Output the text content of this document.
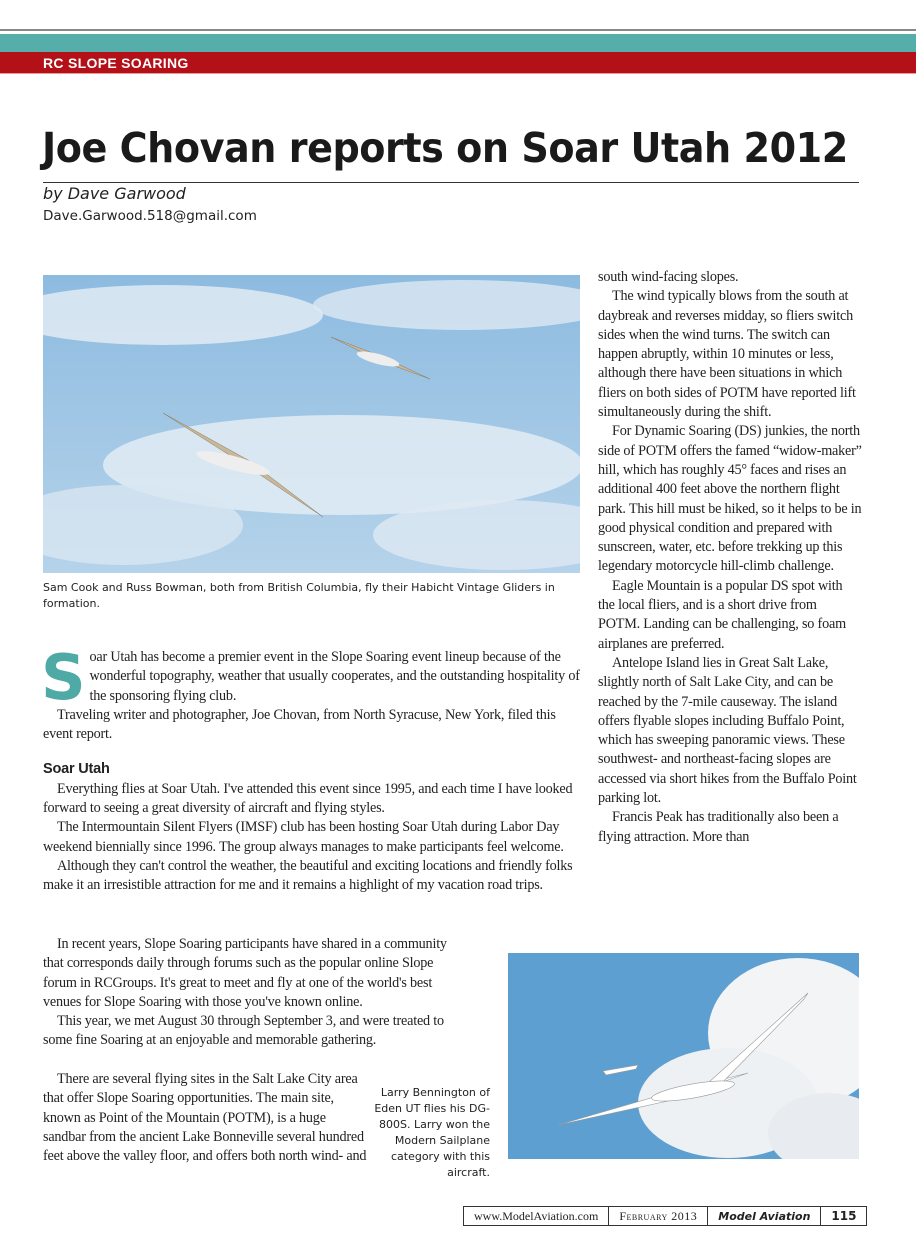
RC SLOPE SOARING
Joe Chovan reports on Soar Utah 2012
by Dave Garwood
Dave.Garwood.518@gmail.com
Sam Cook and Russ Bowman, both from British Columbia, fly their Habicht Vintage Gliders in formation.

Soar Utah has become a premier event in the Slope Soaring event lineup because of the wonderful topography, weather that usually cooperates, and the outstanding hospitality of the sponsoring flying club.

Traveling writer and photographer, Joe Chovan, from North Syracuse, New York, filed this event report.

Soar Utah

Everything flies at Soar Utah. I've attended this event since 1995, and each time I have looked forward to seeing a great diversity of aircraft and flying styles.

The Intermountain Silent Flyers (IMSF) club has been hosting Soar Utah during Labor Day weekend biennially since 1996. The group always manages to make participants feel welcome.

Although they can't control the weather, the beautiful and exciting locations and friendly folks make it an irresistible attraction for me and it remains a highlight of my vacation road trips.

In recent years, Slope Soaring participants have shared in a community that corresponds daily through forums such as the popular online Slope forum in RCGroups. It's great to meet and fly at one of the world's best venues for Slope Soaring with those you've known online.

This year, we met August 30 through September 3, and were treated to some fine Soaring at an enjoyable and memorable gathering.

There are several flying sites in the Salt Lake City area that offer Slope Soaring opportunities. The main site, known as Point of the Mountain (POTM), is a huge sandbar from the ancient Lake Bonneville several hundred feet above the valley floor, and offers both north wind- and

Larry Bennington of Eden UT flies his DG-800S. Larry won the Modern Sailplane category with this aircraft.

south wind-facing slopes.

The wind typically blows from the south at daybreak and reverses midday, so fliers switch sides when the wind turns. The switch can happen abruptly, within 10 minutes or less, although there have been situations in which fliers on both sides of POTM have reported lift simultaneously during the shift.

For Dynamic Soaring (DS) junkies, the north side of POTM offers the famed “widow-maker” hill, which has roughly 45° faces and rises an additional 400 feet above the northern flight park. This hill must be hiked, so it helps to be in good physical condition and prepared with sunscreen, water, etc. before trekking up this legendary motorcycle hill-climb challenge.

Eagle Mountain is a popular DS spot with the local fliers, and is a short drive from POTM. Landing can be challenging, so foam airplanes are preferred.

Antelope Island lies in Great Salt Lake, slightly north of Salt Lake City, and can be reached by the 7-mile causeway. The island offers flyable slopes including Buffalo Point, which has sweeping panoramic views. These southwest- and northeast-facing slopes are accessed via short hikes from the Buffalo Point parking lot.

Francis Peak has traditionally also been a flying attraction. More than

www.ModelAviation.com	February 2013	Model Aviation	115
